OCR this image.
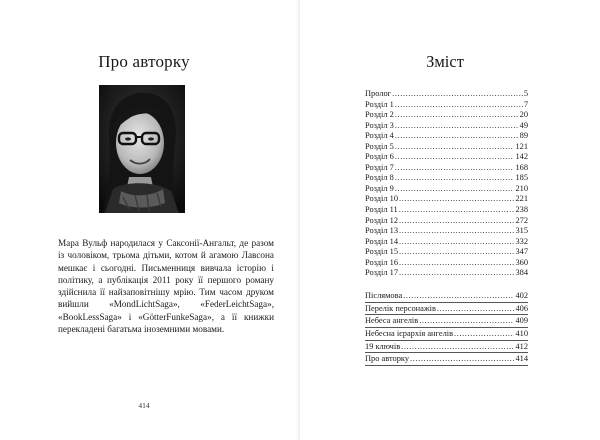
Про авторку

Мара Вульф народилася у Саксонії-Ангальт, де разом із чоловіком, трьома дітьми, котом й агамою Лавсона мешкає і сьогодні. Письменниця вивчала історію і політику, а публікація 2011 року її першого роману здійснила її найзаповітнішу мрію. Тим часом друком вийшли «MondLichtSaga», «FederLeichtSaga», «BookLessSaga» і «GötterFunkeSaga», а її книжки перекладені багатьма іноземними мовами.

414
Зміст
Пролог .....	5
Розділ 1 .....	7
Розділ 2 .....	20
Розділ 3 .....	49
Розділ 4 .....	89
Розділ 5 .....	121
Розділ 6 .....	142
Розділ 7 .....	168
Розділ 8 .....	185
Розділ 9 .....	210
Розділ 10 .....	221
Розділ 11 .....	238
Розділ 12 .....	272
Розділ 13 .....	315
Розділ 14 .....	332
Розділ 15 .....	347
Розділ 16 .....	360
Розділ 17 .....	384
Післямова .....	402
Перелік персонажів .....	406
Небеса ангелів .....	409
Небесна ієрархія ангелів .....	410
19 ключів .....	412
Про авторку .....	414
